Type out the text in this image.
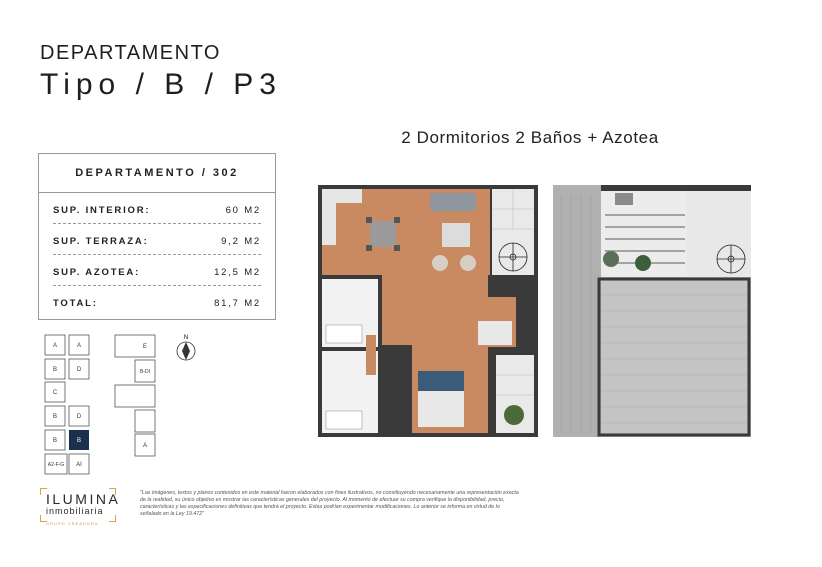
DEPARTAMENTO
Tipo / B / P3
2 Dormitorios 2 Baños + Azotea
DEPARTAMENTO / 302
SUP. INTERIOR:	60 M2
SUP. TERRAZA:	9,2 M2
SUP. AZOTEA:	12,5 M2
TOTAL:	81,7 M2
A	A
D
B
C
B	D
B	B
A2-F-G AI
E
B-DI
A
N
ILUMINA
inmobiliaria
GRUPO CREADORA
"Las imágenes, textos y planos contenidos en este material fueron elaborados con fines ilustrativos, no constituyendo necesariamente una representación exacta de la realidad, su único objetivo es mostrar las características generales del proyecto. Al momento de efectuar su compra verifique la disponibilidad, precio, características y las especificaciones definitivas que tendrá el proyecto. Estas podrían experimentar modificaciones. Lo anterior se informa en virtud de lo señalado en la Ley 19.472"
